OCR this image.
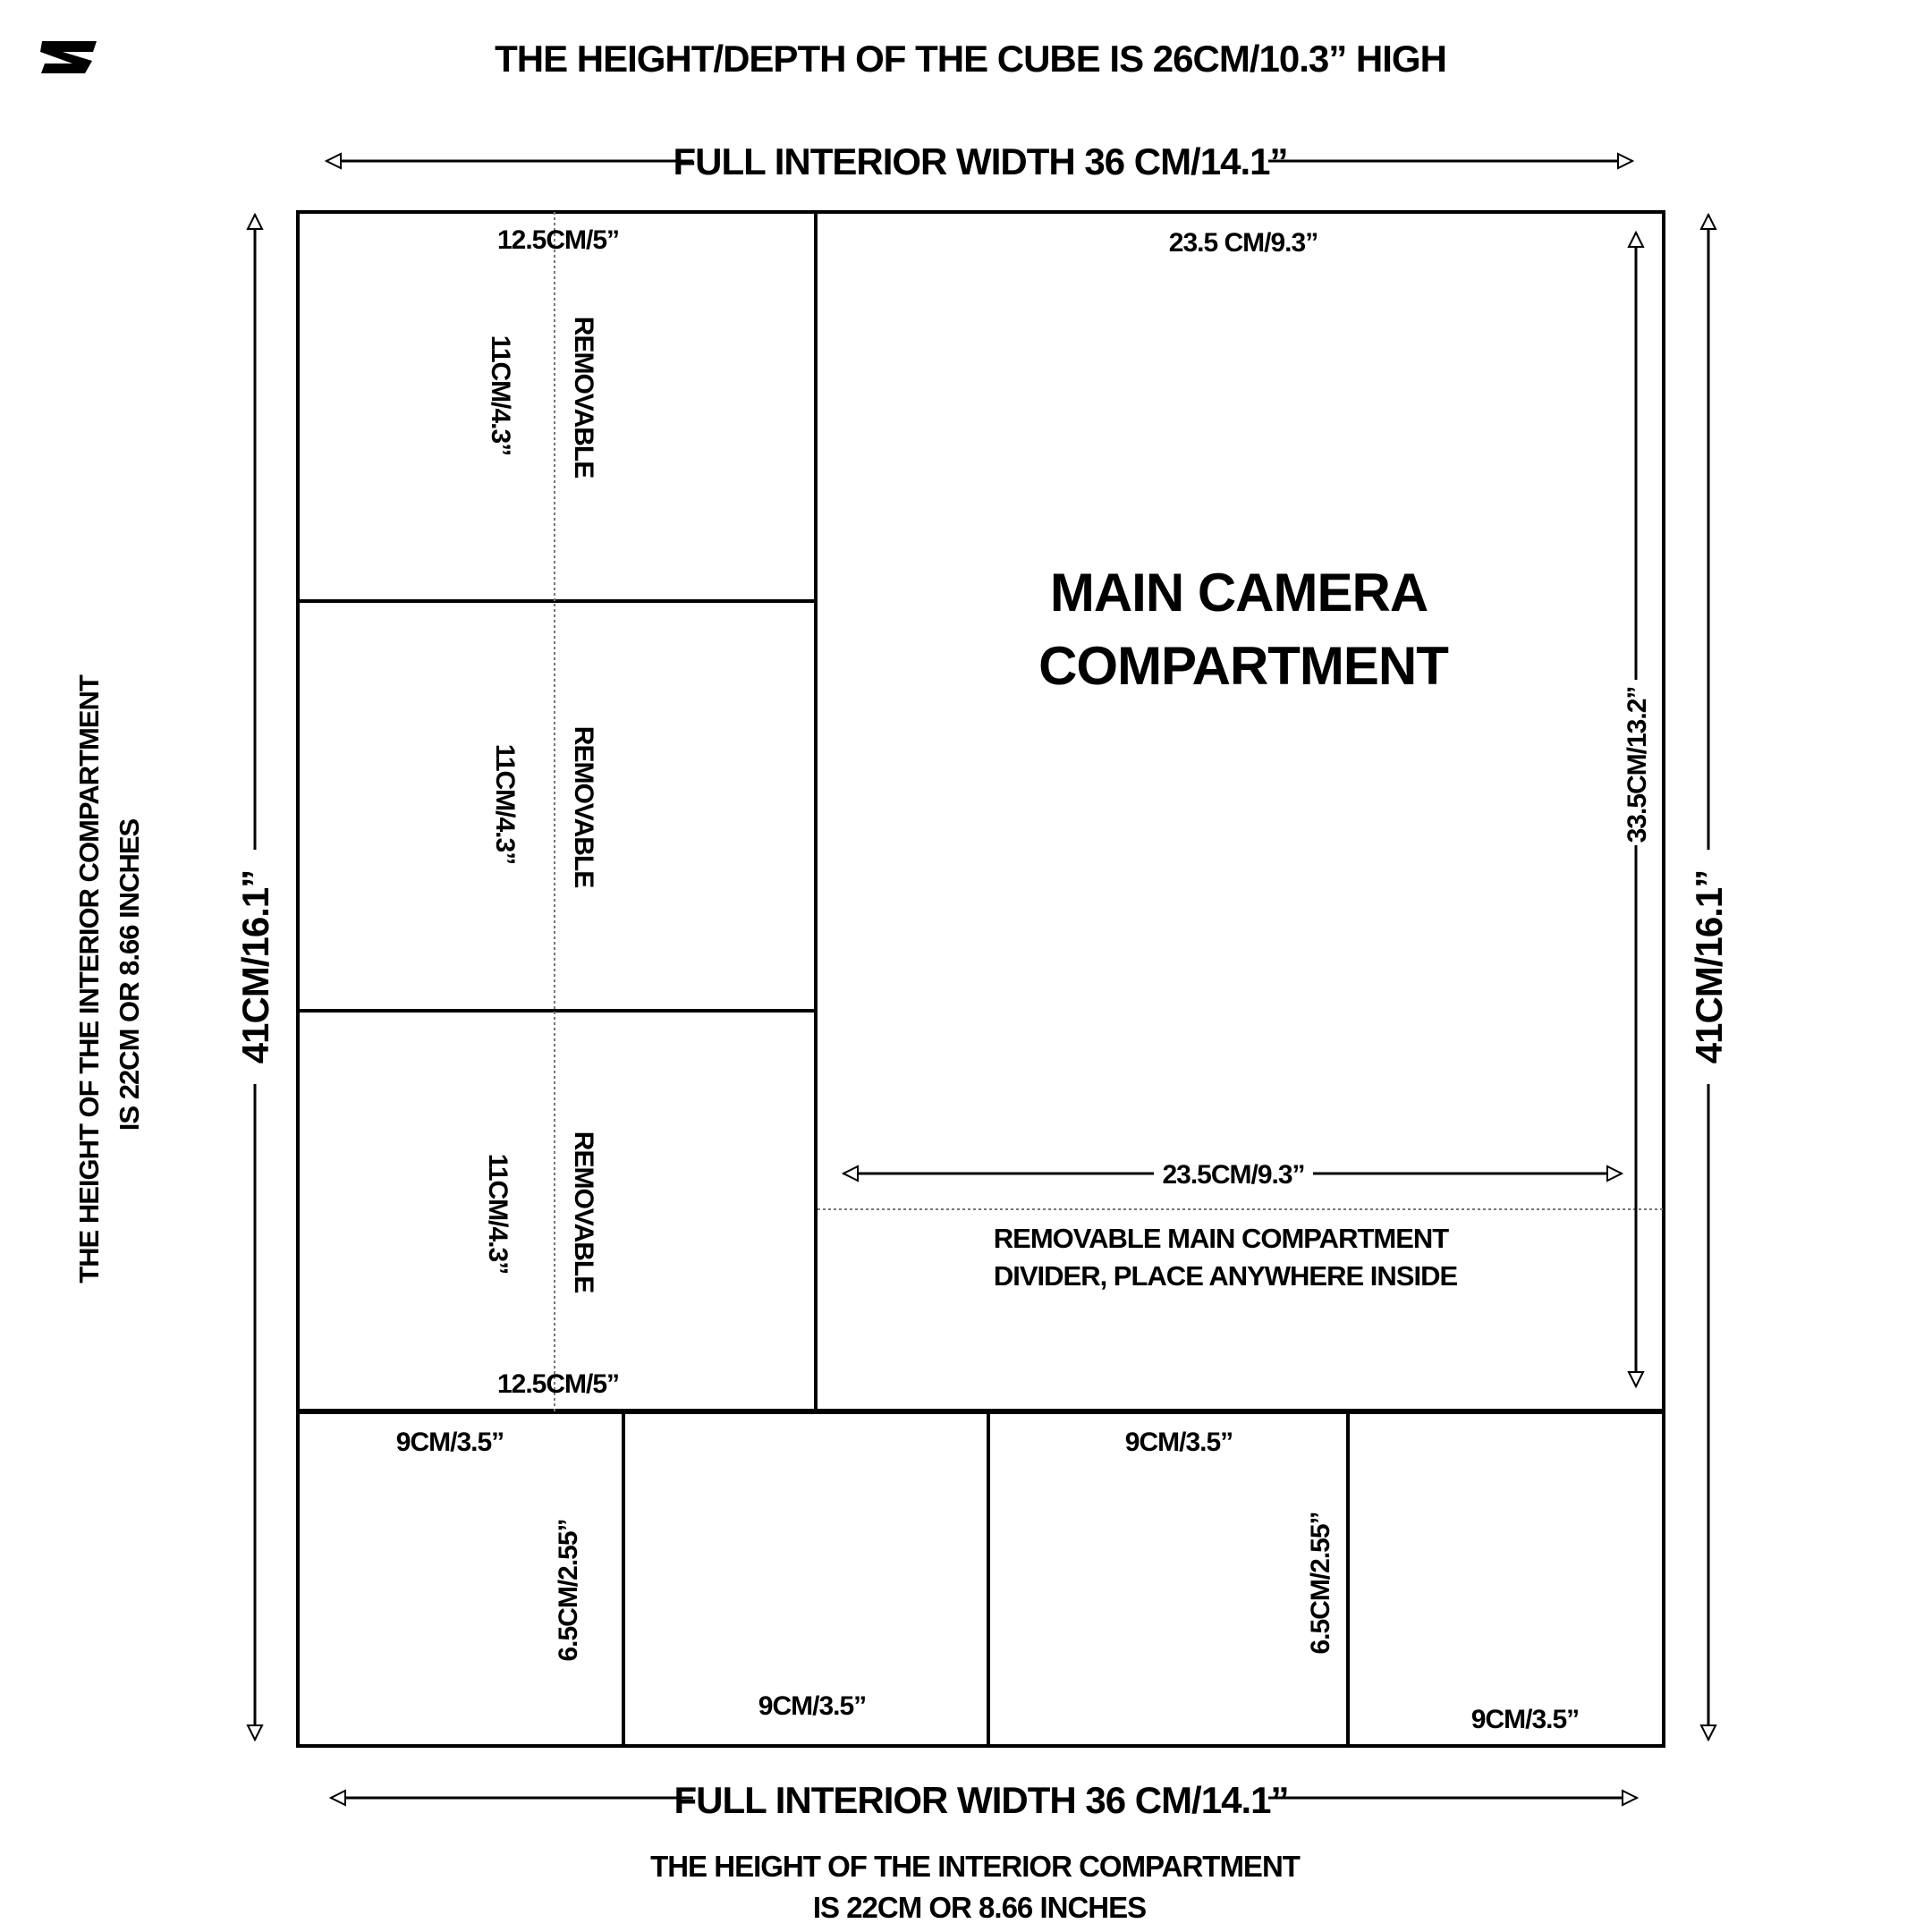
THE HEIGHT/DEPTH OF THE CUBE IS 26CM/10.3” HIGH
FULL INTERIOR WIDTH 36 CM/14.1”
12.5CM/5”
12.5CM/5”
11CM/4.3” REMOVABLE
11CM/4.3” REMOVABLE
11CM/4.3” REMOVABLE
23.5 CM/9.3”
MAIN CAMERA
COMPARTMENT
33.5CM/13.2”
23.5CM/9.3”
REMOVABLE MAIN COMPARTMENT
DIVIDER, PLACE ANYWHERE INSIDE
9CM/3.5”
6.5CM/2.55”
9CM/3.5”
9CM/3.5”
6.5CM/2.55”
9CM/3.5”
41CM/16.1”	41CM/16.1”
THE HEIGHT OF THE INTERIOR COMPARTMENT IS 22CM OR 8.66 INCHES
FULL INTERIOR WIDTH 36 CM/14.1”
THE HEIGHT OF THE INTERIOR COMPARTMENT
IS 22CM OR 8.66 INCHES
